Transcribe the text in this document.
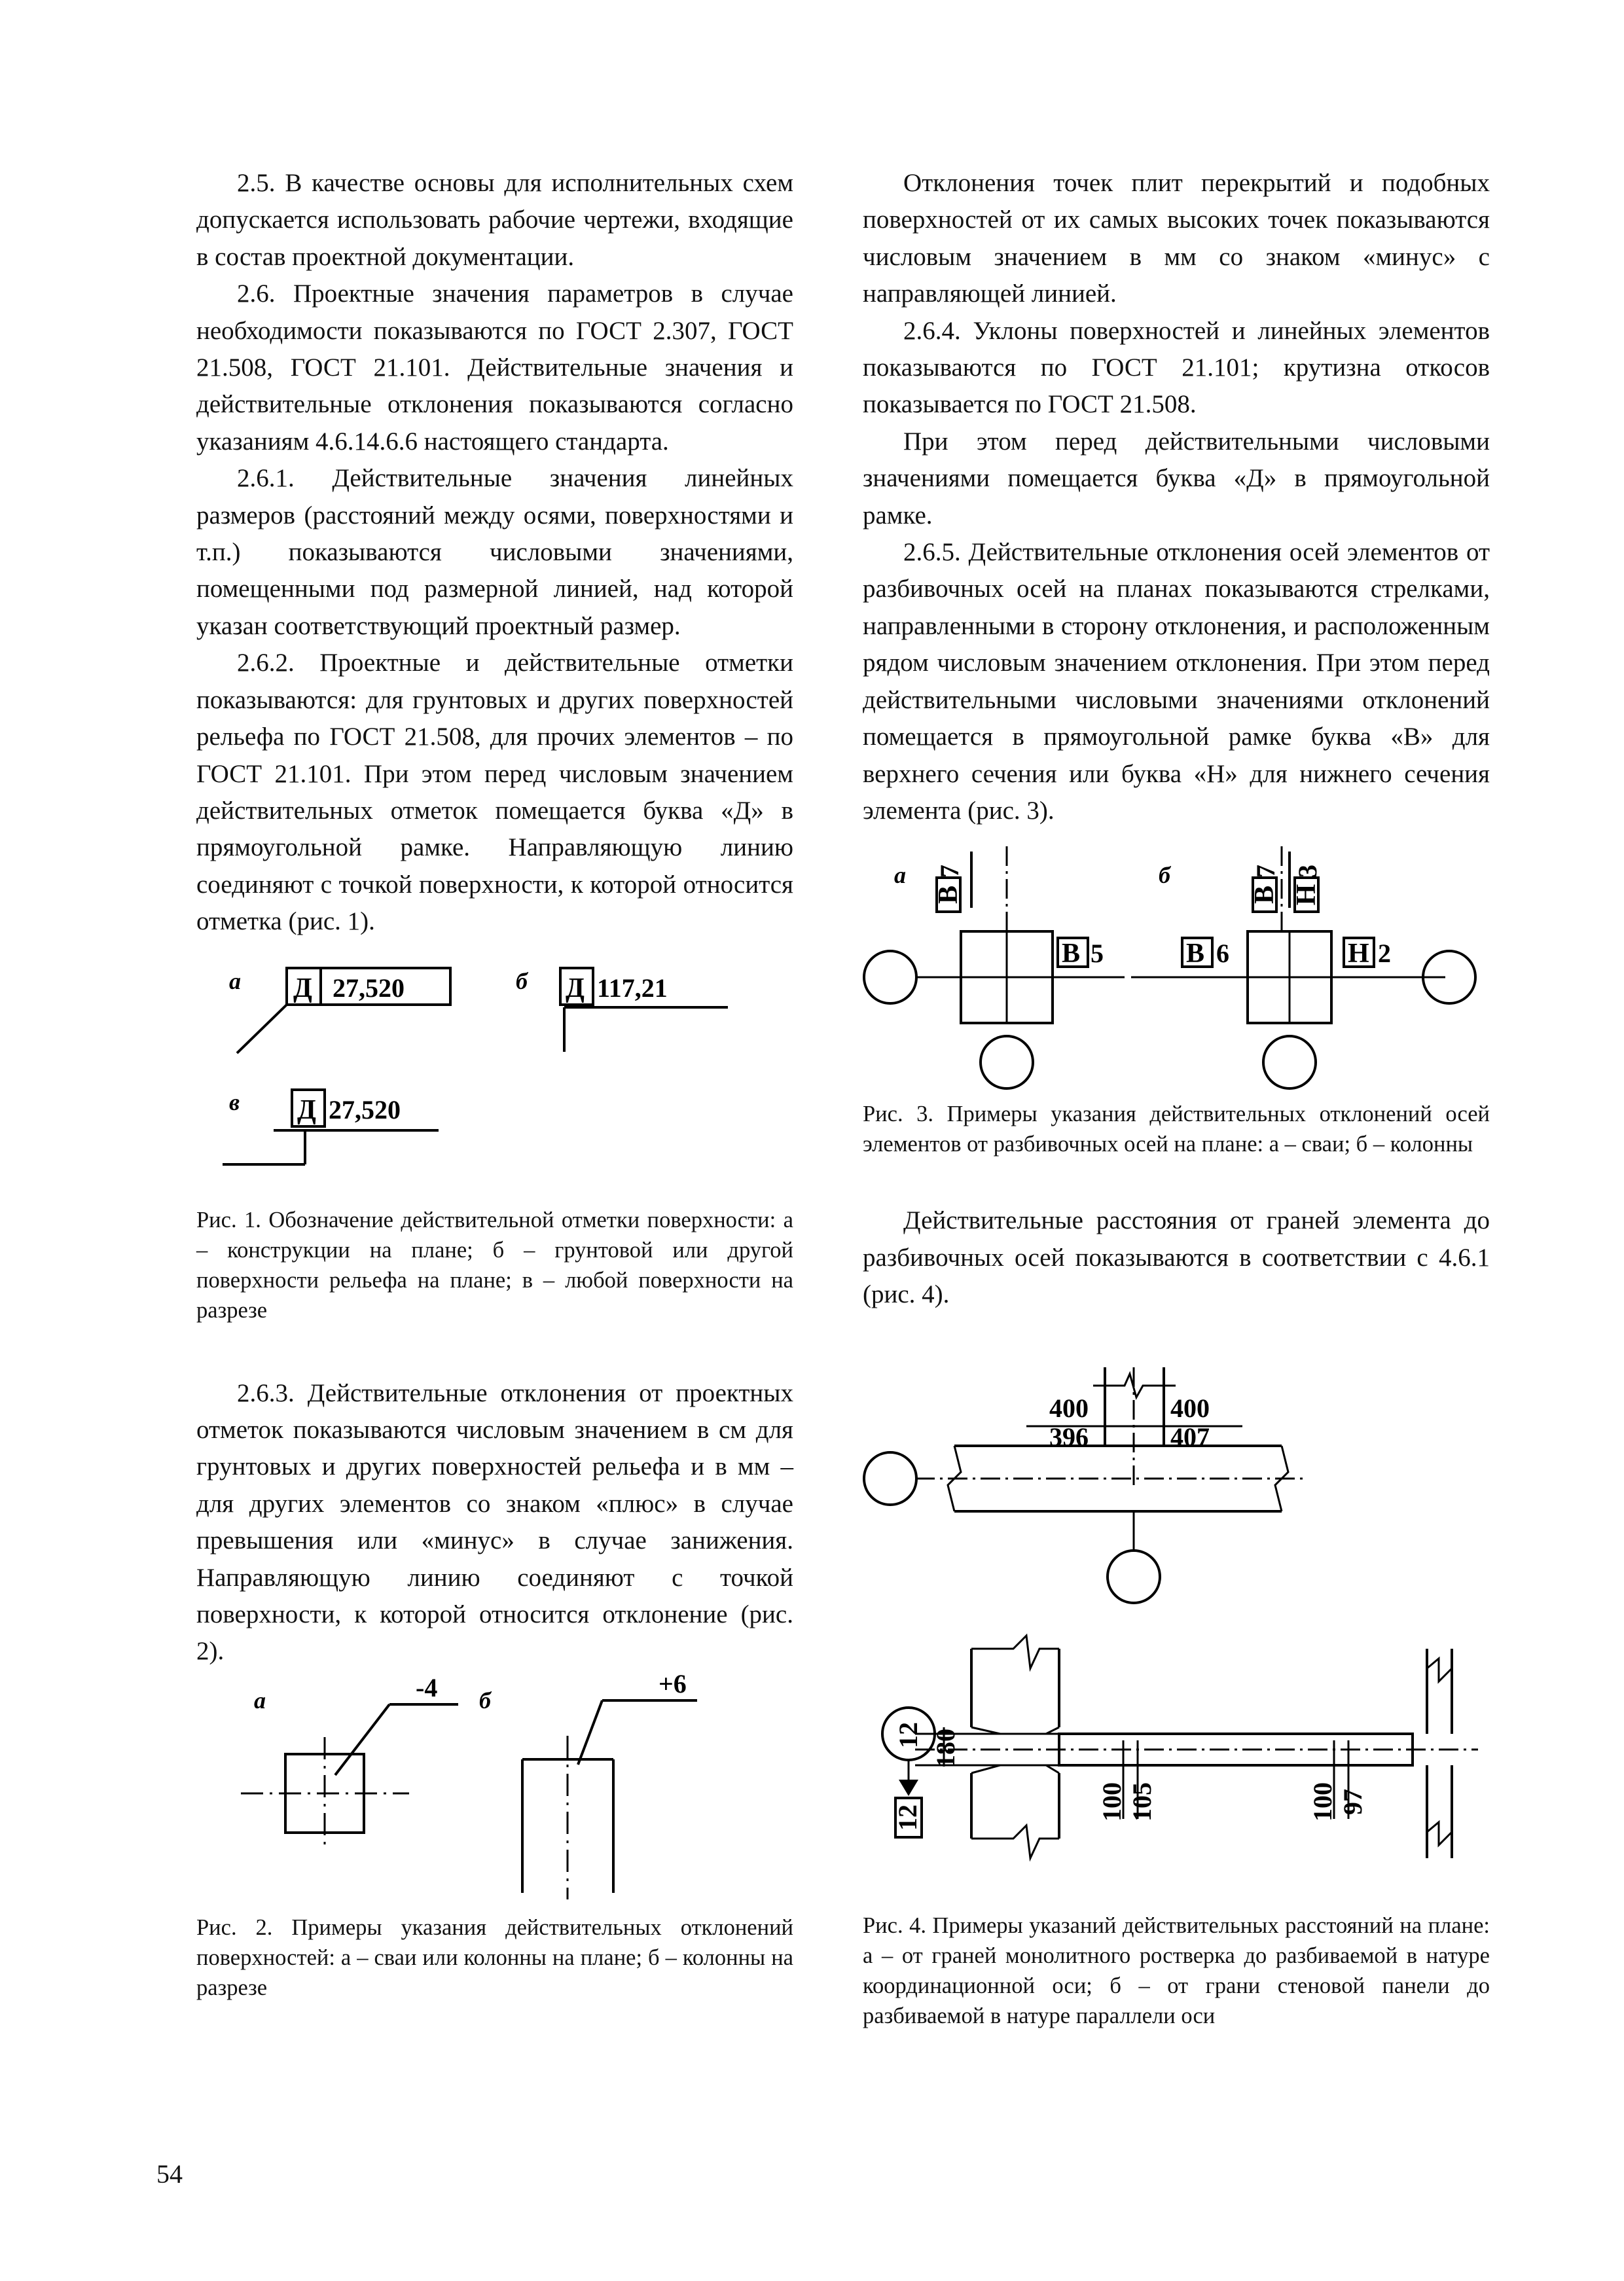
2.5. В качестве основы для исполнительных схем допускается использовать рабочие чертежи, входящие в состав проектной документации.

2.6. Проектные значения параметров в случае необходимости показываются по ГОСТ 2.307, ГОСТ 21.508, ГОСТ 21.101. Действительные значения и действительные отклонения показываются согласно указаниям 4.6.14.6.6 настоящего стандарта.

2.6.1. Действительные значения линейных размеров (расстояний между осями, поверхностями и т.п.) показываются числовыми значениями, помещенными под размерной линией, над которой указан соответствующий проектный размер.

2.6.2. Проектные и действительные отметки показываются: для грунтовых и других поверхностей рельефа по ГОСТ 21.508, для прочих элементов – по ГОСТ 21.101. При этом перед числовым значением действительных отметок помещается буква «Д» в прямоугольной рамке. Направляющую линию соединяют с точкой поверхности, к которой относится отметка (рис. 1).

а Д 27,520	б Д 117,21
в Д 27,520

Рис. 1. Обозначение действительной отметки поверхности: а – конструкции на плане; б – грунтовой или другой поверхности рельефа на плане; в – любой поверхности на разрезе

2.6.3. Действительные отклонения от проектных отметок показываются числовым значением в см для грунтовых и других поверхностей рельефа и в мм – для других элементов со знаком «плюс» в случае превышения или «минус» в случае занижения. Направляющую линию соединяют с точкой поверхности, к которой относится отклонение (рис. 2).

а	-4 б
+6

Рис. 2. Примеры указания действительных отклонений поверхностей: а – сваи или колонны на плане; б – колонны на разрезе

Отклонения точек плит перекрытий и подобных поверхностей от их самых высоких точек показываются числовым значением в мм со знаком «минус» с направляющей линией.

2.6.4. Уклоны поверхностей и линейных элементов показываются по ГОСТ 21.101; крутизна откосов показывается по ГОСТ 21.508.

При этом перед действительными числовыми значениями помещается буква «Д» в прямоугольной рамке.

2.6.5. Действительные отклонения осей элементов от разбивочных осей на планах показываются стрелками, направленными в сторону отклонения, и расположенным рядом числовым значением отклонения. При этом перед действительными числовыми значениями отклонений помещается в прямоугольной рамке буква «В» для верхнего сечения или буква «Н» для нижнего сечения элемента (рис. 3).

а
В
7
В 5
б
В
7
Н
3
В 6	Н 2

Рис. 3. Примеры указания действительных отклонений осей элементов от разбивочных осей на плане: а – сваи; б – колонны

Действительные расстояния от граней элемента до разбивочных осей показываются в соответствии с 4.6.1 (рис. 4).

400
396
400
407
12
12
180
100 105	100 97

Рис. 4. Примеры указаний действительных расстояний на плане: а – от граней монолитного ростверка до разбиваемой в натуре координационной оси; б – от грани стеновой панели до разбиваемой в натуре параллели оси

54
